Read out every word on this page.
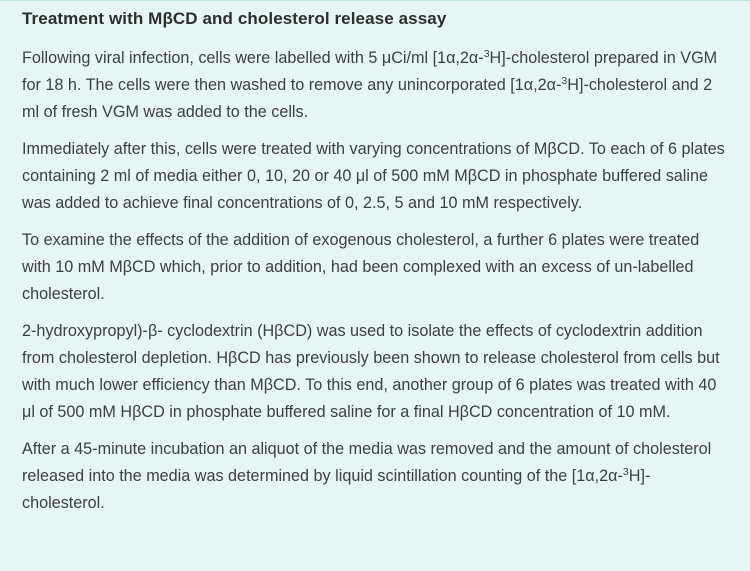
Treatment with MβCD and cholesterol release assay

Following viral infection, cells were labelled with 5 μCi/ml [1α,2α-$^3$H]-cholesterol prepared in VGM for 18 h. The cells were then washed to remove any unincorporated [1α,2α-$^3$H]-cholesterol and 2 ml of fresh VGM was added to the cells.

Immediately after this, cells were treated with varying concentrations of MβCD. To each of 6 plates containing 2 ml of media either 0, 10, 20 or 40 μl of 500 mM MβCD in phosphate buffered saline was added to achieve final concentrations of 0, 2.5, 5 and 10 mM respectively.

To examine the effects of the addition of exogenous cholesterol, a further 6 plates were treated with 10 mM MβCD which, prior to addition, had been complexed with an excess of un-labelled cholesterol.

2-hydroxypropyl)-β- cyclodextrin (HβCD) was used to isolate the effects of cyclodextrin addition from cholesterol depletion. HβCD has previously been shown to release cholesterol from cells but with much lower efficiency than MβCD. To this end, another group of 6 plates was treated with 40 μl of 500 mM HβCD in phosphate buffered saline for a final HβCD concentration of 10 mM.

After a 45-minute incubation an aliquot of the media was removed and the amount of cholesterol released into the media was determined by liquid scintillation counting of the [1α,2α-$^3$H]-cholesterol.
